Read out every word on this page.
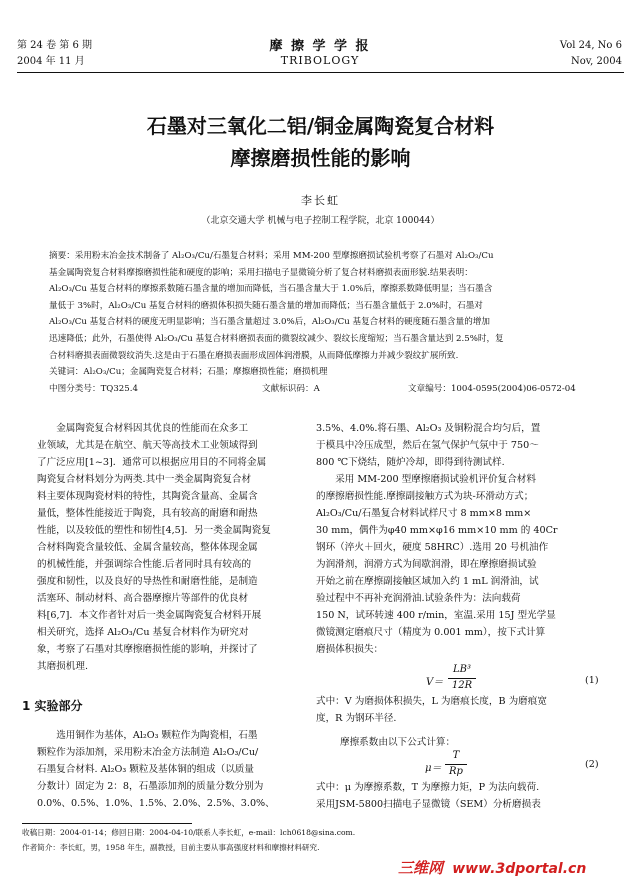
第 24 卷 第 6 期
2004 年 11 月
摩 擦 学 学 报
TRIBOLOGY
Vol 24, No 6
Nov, 2004
石墨对三氧化二铝/铜金属陶瓷复合材料
摩擦磨损性能的影响
李长虹
（北京交通大学 机械与电子控制工程学院，北京 100044）
摘要：采用粉末冶金技术制备了 Al₂O₃/Cu/石墨复合材料；采用 MM-200 型摩擦磨损试验机考察了石墨对 Al₂O₃/Cu
基金属陶瓷复合材料摩擦磨损性能和硬度的影响；采用扫描电子显微镜分析了复合材料磨损表面形貌.结果表明：
Al₂O₃/Cu 基复合材料的摩擦系数随石墨含量的增加而降低，当石墨含量大于 1.0%后，摩擦系数降低明显；当石墨含
量低于 3%时，Al₂O₃/Cu 基复合材料的磨损体积损失随石墨含量的增加而降低；当石墨含量低于 2.0%时，石墨对
Al₂O₃/Cu 基复合材料的硬度无明显影响；当石墨含量超过 3.0%后，Al₂O₃/Cu 基复合材料的硬度随石墨含量的增加
迅速降低；此外，石墨使得 Al₂O₃/Cu 基复合材料磨损表面的微裂纹减少、裂纹长度缩短；当石墨含量达到 2.5%时，复
合材料磨损表面微裂纹消失.这是由于石墨在磨损表面形成固体润滑膜，从而降低摩擦力并减少裂纹扩展所致.
关键词：Al₂O₃/Cu；金属陶瓷复合材料；石墨；摩擦磨损性能；磨损机理
中图分类号：TQ325.4	文献标识码：A	文章编号：1004-0595(2004)06-0572-04
金属陶瓷复合材料因其优良的性能而在众多工
业领域，尤其是在航空、航天等高技术工业领域得到
了广泛应用[1~3]．通常可以根据应用目的不同将金属
陶瓷复合材料划分为两类.其中一类金属陶瓷复合材
料主要体现陶瓷材料的特性，其陶瓷含量高、金属含
量低，整体性能接近于陶瓷，具有较高的耐磨和耐热
性能，以及较低的塑性和韧性[4,5]．另一类金属陶瓷复
合材料陶瓷含量较低、金属含量较高，整体体现金属
的机械性能，并强调综合性能.后者同时具有较高的
强度和韧性，以及良好的导热性和耐磨性能，是制造
活塞环、制动材料、高合器摩擦片等部件的优良材
料[6,7]．本文作者针对后一类金属陶瓷复合材料开展
相关研究，选择 Al₂O₃/Cu 基复合材料作为研究对
象，考察了石墨对其摩擦磨损性能的影响，并探讨了
其磨损机理.
1 实验部分
选用铜作为基体，Al₂O₃ 颗粒作为陶瓷相，石墨
颗粒作为添加剂，采用粉末冶金方法制造 Al₂O₃/Cu/
石墨复合材料. Al₂O₃ 颗粒及基体铜的组成（以质量
分数计）固定为 2：8，石墨添加剂的质量分数分别为
0.0%、0.5%、1.0%、1.5%、2.0%、2.5%、3.0%、
3.5%、4.0%.将石墨、Al₂O₃ 及铜粉混合均匀后，置
于模具中冷压成型，然后在氢气保护气氛中于 750～
800 ℃下烧结，随炉冷却，即得到待测试样.
采用 MM-200 型摩擦磨损试验机评价复合材料
的摩擦磨损性能.摩擦副接触方式为块-环滑动方式；
Al₂O₃/Cu/石墨复合材料试样尺寸 8 mm×8 mm×
30 mm，偶件为φ40 mm×φ16 mm×10 mm 的 40Cr
钢环（淬火＋回火，硬度 58HRC）.选用 20 号机油作
为润滑剂，润滑方式为间歇润滑，即在摩擦磨损试验
开始之前在摩擦副接触区域加入约 1 mL 润滑油，试
验过程中不再补充润滑油.试验条件为：法向载荷
150 N，试环转速 400 r/min，室温.采用 15J 型光学显
微镜测定磨痕尺寸（精度为 0.001 mm），按下式计算
磨损体积损失：
V＝
LB³
12R	(1)
式中：V 为磨损体积损失，L 为磨痕长度，B 为磨痕宽
度，R 为钢环半径.
摩擦系数由以下公式计算：
μ＝
T
Rp
(2)
式中：μ 为摩擦系数，T 为摩擦力矩，P 为法向载荷.
采用JSM-5800扫描电子显微镜（SEM）分析磨损表
收稿日期：2004-01-14；修回日期：2004-04-10/联系人李长虹，e-mail：lch0618@sina.com.
作者简介：李长虹，男，1958 年生，副教授，目前主要从事高强度材料和摩擦材料研究.
三维网 www.3dportal.cn
